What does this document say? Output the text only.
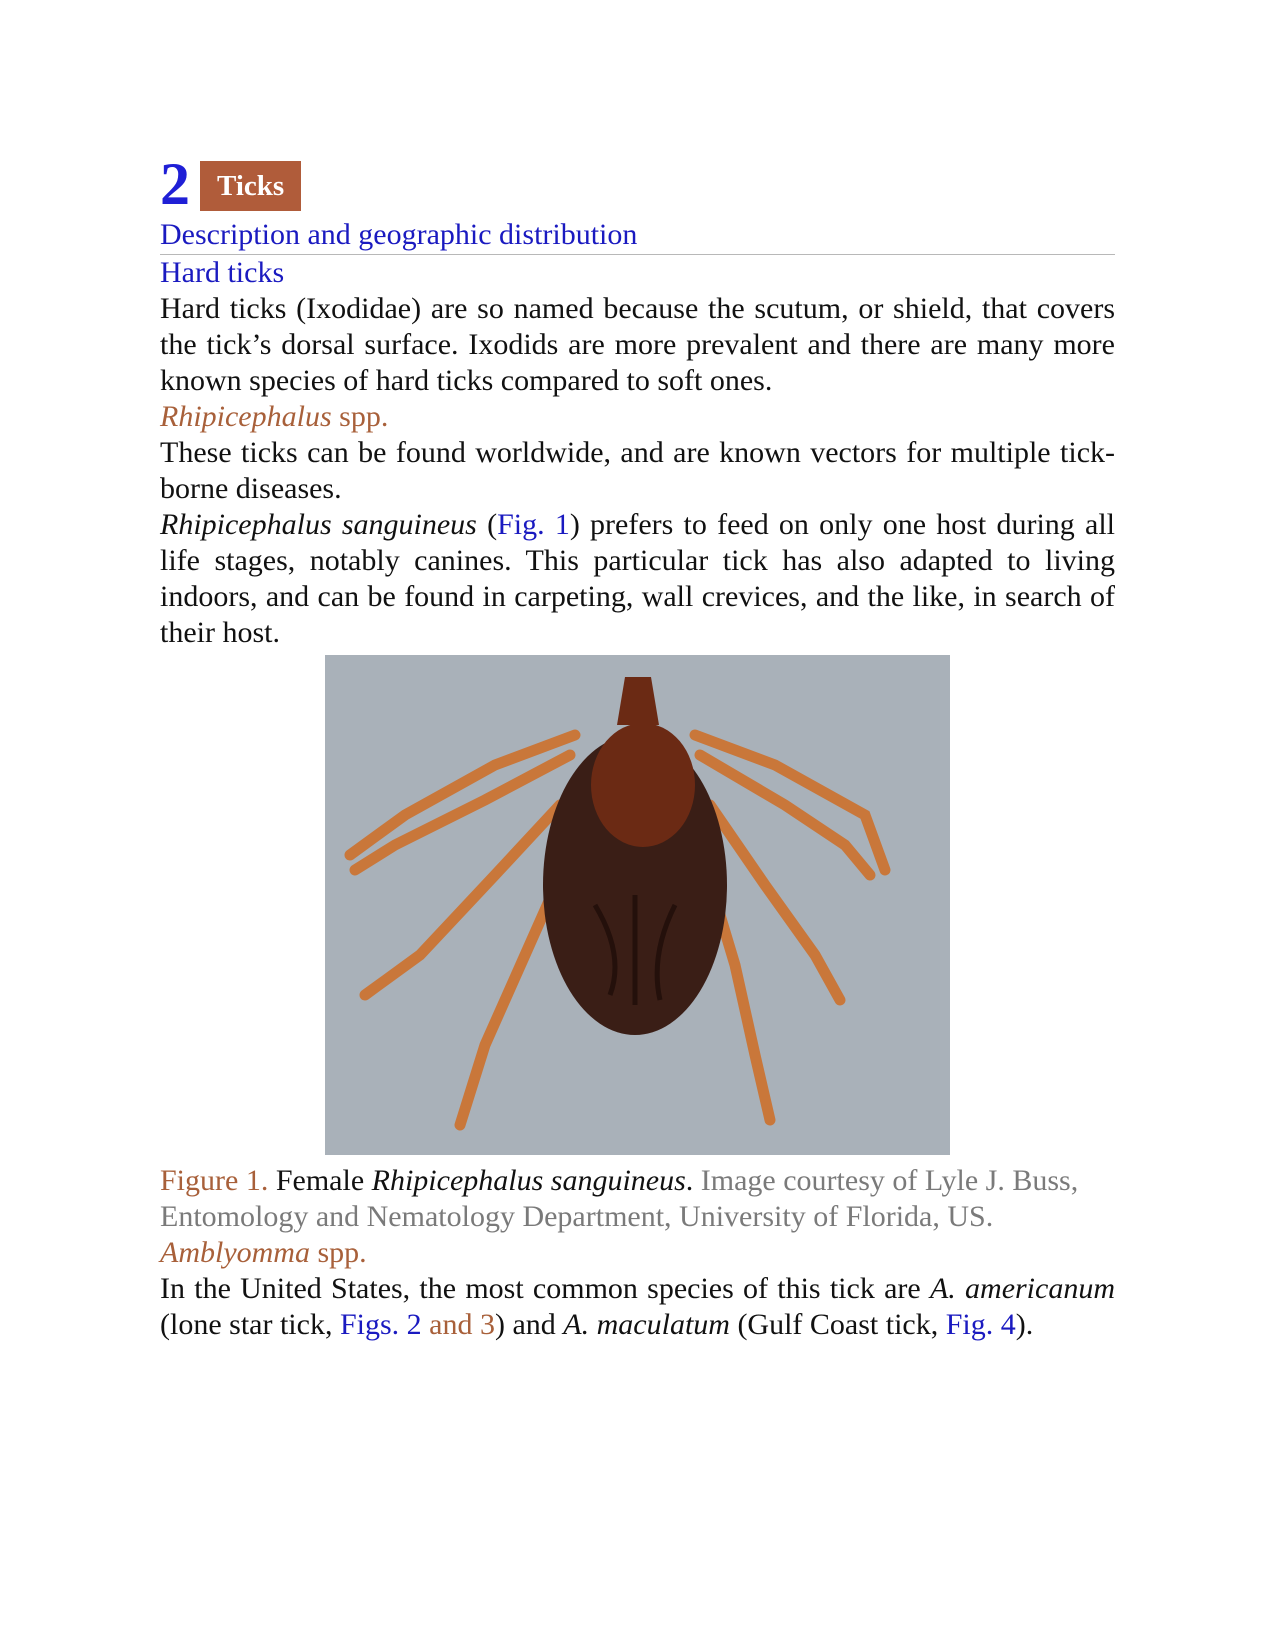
2 Ticks
Description and geographic distribution
Hard ticks

Hard ticks (Ixodidae) are so named because the scutum, or shield, that covers the tick’s dorsal surface. Ixodids are more prevalent and there are many more known species of hard ticks compared to soft ones.

Rhipicephalus spp.

These ticks can be found worldwide, and are known vectors for multiple tick-borne diseases.

Rhipicephalus sanguineus (Fig. 1) prefers to feed on only one host during all life stages, notably canines. This particular tick has also adapted to living indoors, and can be found in carpeting, wall crevices, and the like, in search of their host.

Figure 1. Female Rhipicephalus sanguineus. Image courtesy of Lyle J. Buss, Entomology and Nematology Department, University of Florida, US.
Amblyomma spp.

In the United States, the most common species of this tick are A. americanum (lone star tick, Figs. 2 and 3) and A. maculatum (Gulf Coast tick, Fig. 4).
